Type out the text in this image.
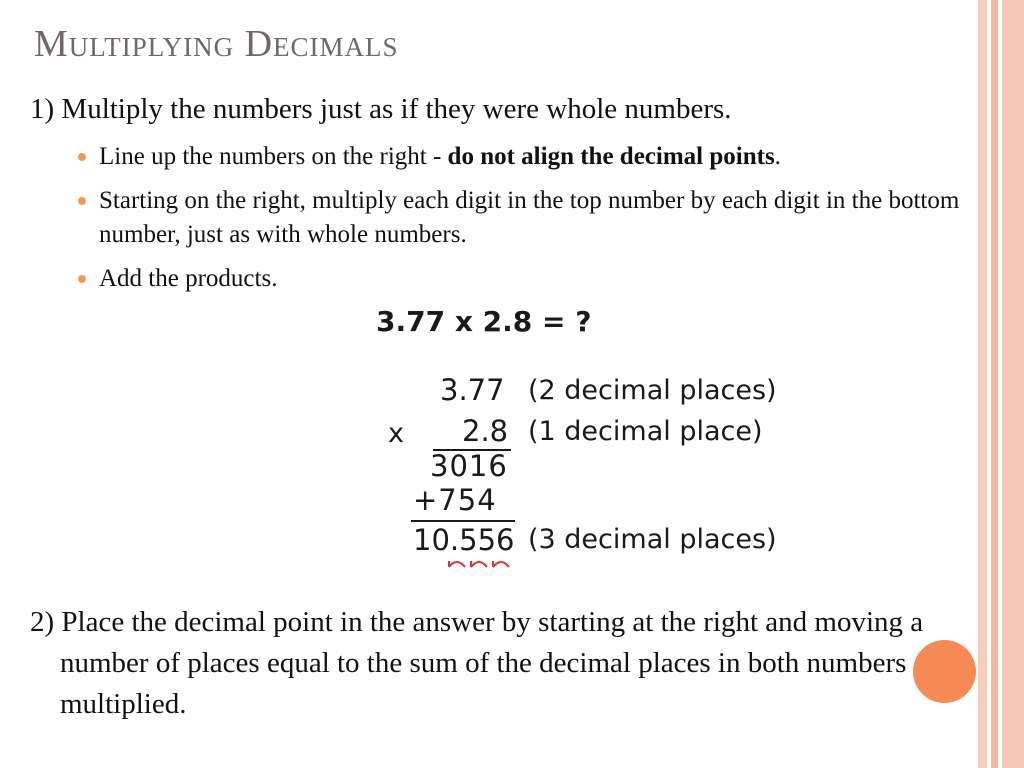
Multiplying Decimals
1) Multiply the numbers just as if they were whole numbers.
Line up the numbers on the right - do not align the decimal points.
Starting on the right, multiply each digit in the top number by each digit in the bottom number, just as with whole numbers.
Add the products.
3.77 x 2.8 = ?
3.77 (2 decimal places)
x 2.8 (1 decimal place)
3016
+754
10.556 (3 decimal places)
2) Place the decimal point in the answer by starting at the right and moving a number of places equal to the sum of the decimal places in both numbers multiplied.
